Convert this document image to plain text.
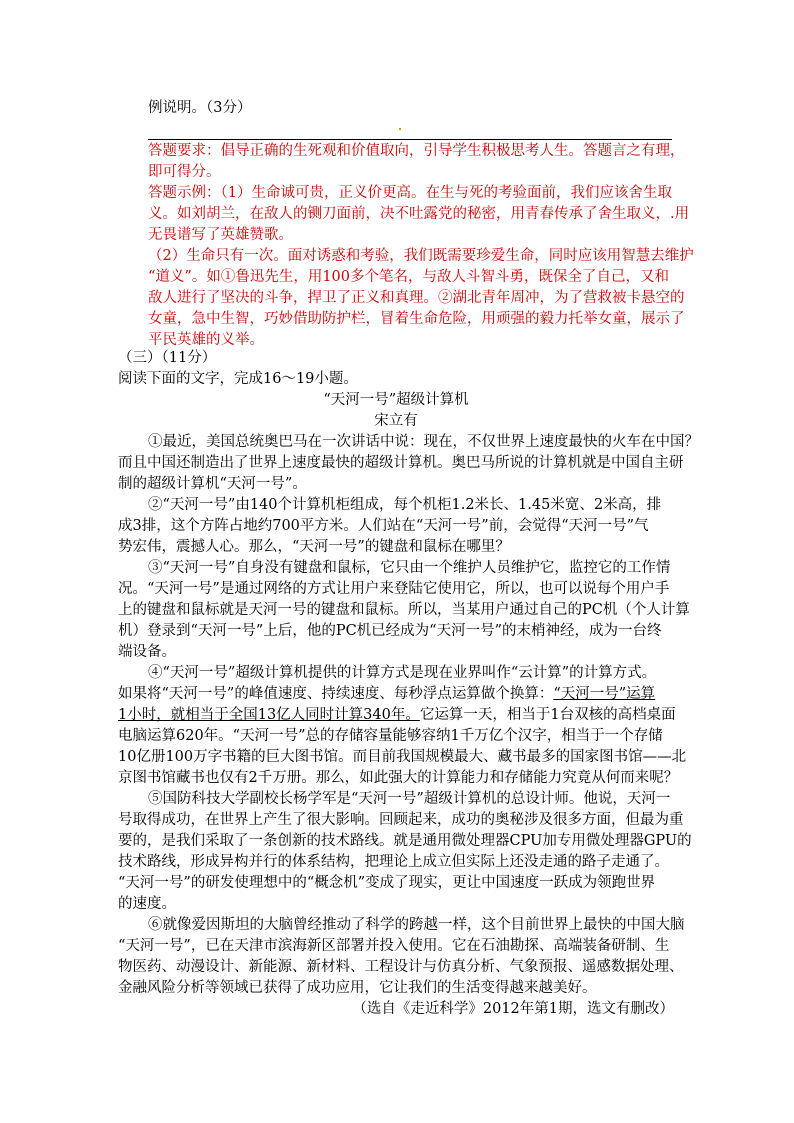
例说明。（3分）
答题要求：倡导正确的生死观和价值取向，引导学生积极思考人生。答题言之有理，
即可得分。
答题示例：（1）生命诚可贵，正义价更高。在生与死的考验面前，我们应该舍生取
义。如刘胡兰，在敌人的铡刀面前，决不吐露党的秘密，用青春传承了舍生取义，.用
无畏谱写了英雄赞歌。
（2）生命只有一次。面对诱惑和考验，我们既需要珍爱生命，同时应该用智慧去维护
“道义”。如①鲁迅先生，用100多个笔名，与敌人斗智斗勇，既保全了自己，又和
敌人进行了坚决的斗争，捍卫了正义和真理。②湖北青年周冲，为了营救被卡悬空的
女童，急中生智，巧妙借助防护栏，冒着生命危险，用顽强的毅力托举女童，展示了
平民英雄的义举。
（三）（11分）
阅读下面的文字，完成16～19小题。
“天河一号”超级计算机
宋立有
①最近，美国总统奥巴马在一次讲话中说：现在，不仅世界上速度最快的火车在中国？
而且中国还制造出了世界上速度最快的超级计算机。奥巴马所说的计算机就是中国自主研
制的超级计算机“天河一号”。
②“天河一号”由140个计算机柜组成，每个机柜1.2米长、1.45米宽、2米高，排
成3排，这个方阵占地约700平方米。人们站在“天河一号”前，会觉得“天河一号”气
势宏伟，震撼人心。那么，“天河一号”的键盘和鼠标在哪里？
③“天河一号”自身没有键盘和鼠标，它只由一个维护人员维护它，监控它的工作情
况。“天河一号”是通过网络的方式让用户来登陆它使用它，所以，也可以说每个用户手
上的键盘和鼠标就是天河一号的键盘和鼠标。所以，当某用户通过自己的PC机（个人计算
机）登录到“天河一号”上后，他的PC机已经成为“天河一号”的末梢神经，成为一台终
端设备。
④“天河一号”超级计算机提供的计算方式是现在业界叫作“云计算”的计算方式。
如果将“天河一号”的峰值速度、持续速度、每秒浮点运算做个换算：“天河一号”运算
1小时，就相当于全国13亿人同时计算340年。它运算一天，相当于1台双核的高档桌面
电脑运算620年。“天河一号”总的存储容量能够容纳1千万亿个汉字，相当于一个存储
10亿册100万字书籍的巨大图书馆。而目前我国规模最大、藏书最多的国家图书馆——北
京图书馆藏书也仅有2千万册。那么，如此强大的计算能力和存储能力究竟从何而来呢？
⑤国防科技大学副校长杨学军是“天河一号”超级计算机的总设计师。他说，天河一
号取得成功，在世界上产生了很大影响。回顾起来，成功的奥秘涉及很多方面，但最为重
要的，是我们采取了一条创新的技术路线。就是通用微处理器CPU加专用微处理器GPU的
技术路线，形成异构并行的体系结构，把理论上成立但实际上还没走通的路子走通了。
“天河一号”的研发使理想中的“概念机”变成了现实，更让中国速度一跃成为领跑世界
的速度。
⑥就像爱因斯坦的大脑曾经推动了科学的跨越一样，这个目前世界上最快的中国大脑
“天河一号”，已在天津市滨海新区部署并投入使用。它在石油勘探、高端装备研制、生
物医药、动漫设计、新能源、新材料、工程设计与仿真分析、气象预报、遥感数据处理、
金融风险分析等领域已获得了成功应用，它让我们的生活变得越来越美好。
（选自《走近科学》2012年第1期，选文有删改）
